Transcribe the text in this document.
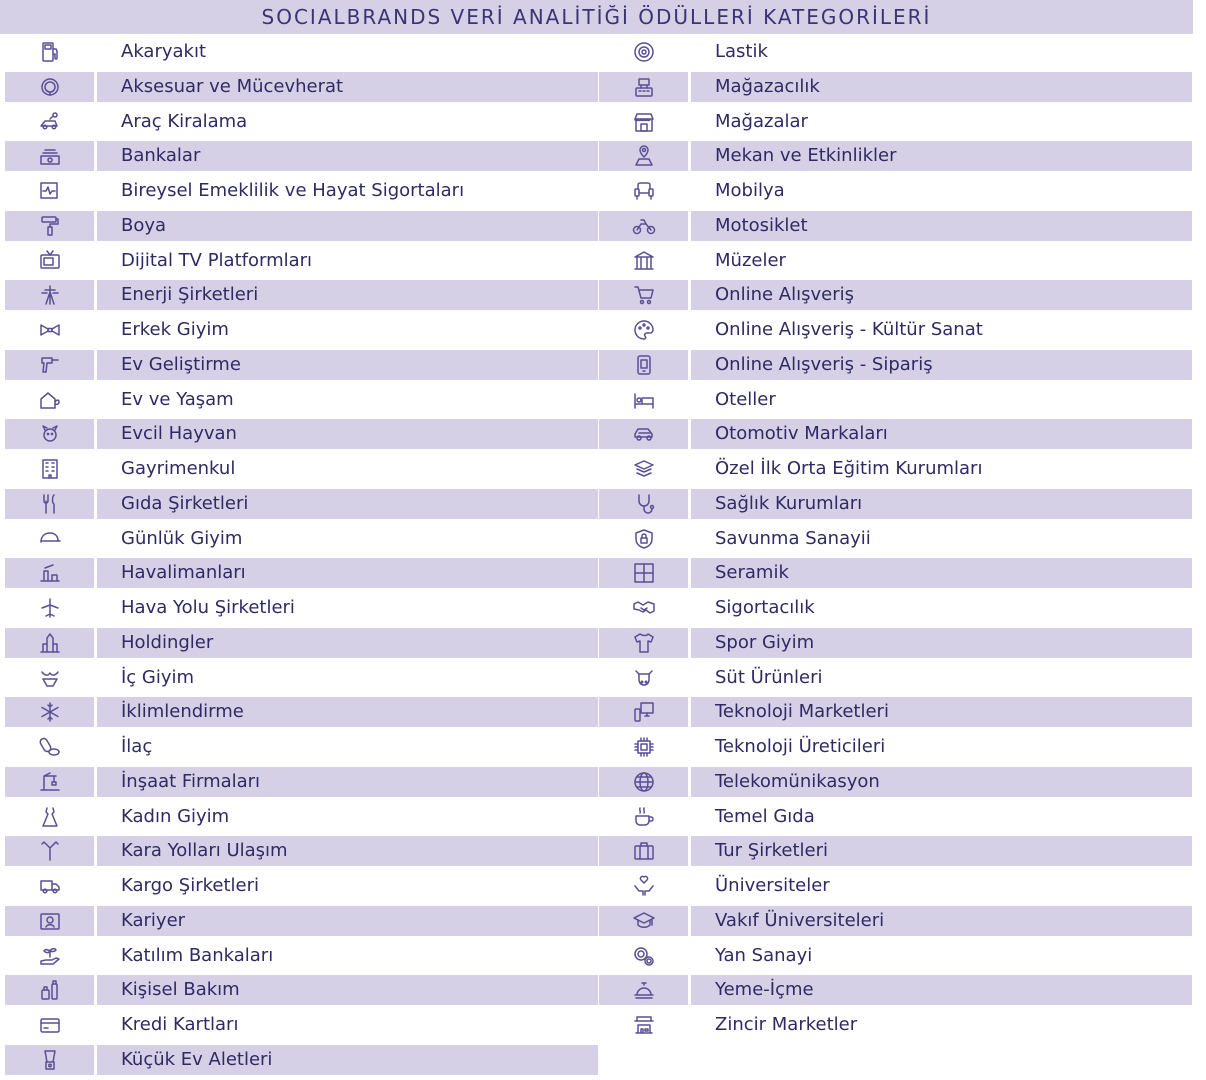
SOCIALBRANDS VERİ ANALİTİĞİ ÖDÜLLERİ KATEGORİLERİ
Akaryakıt
Aksesuar ve Mücevherat
Araç Kiralama
Bankalar
Bireysel Emeklilik ve Hayat Sigortaları
Boya
Dijital TV Platformları
Enerji Şirketleri
Erkek Giyim
Ev Geliştirme
Ev ve Yaşam
Evcil Hayvan
Gayrimenkul
Gıda Şirketleri
Günlük Giyim
Havalimanları
Hava Yolu Şirketleri
Holdingler
İç Giyim
İklimlendirme
İlaç
İnşaat Firmaları
Kadın Giyim
Kara Yolları Ulaşım
Kargo Şirketleri
Kariyer
Katılım Bankaları
Kişisel Bakım
Kredi Kartları
Küçük Ev Aletleri
Lastik
Mağazacılık
Mağazalar
Mekan ve Etkinlikler
Mobilya
Motosiklet
Müzeler
Online Alışveriş
Online Alışveriş - Kültür Sanat
Online Alışveriş - Sipariş
Oteller
Otomotiv Markaları
Özel İlk Orta Eğitim Kurumları
Sağlık Kurumları
Savunma Sanayii
Seramik
Sigortacılık
Spor Giyim
Süt Ürünleri
Teknoloji Marketleri
Teknoloji Üreticileri
Telekomünikasyon
Temel Gıda
Tur Şirketleri
Üniversiteler
Vakıf Üniversiteleri
Yan Sanayi
Yeme-İçme
Zincir Marketler
